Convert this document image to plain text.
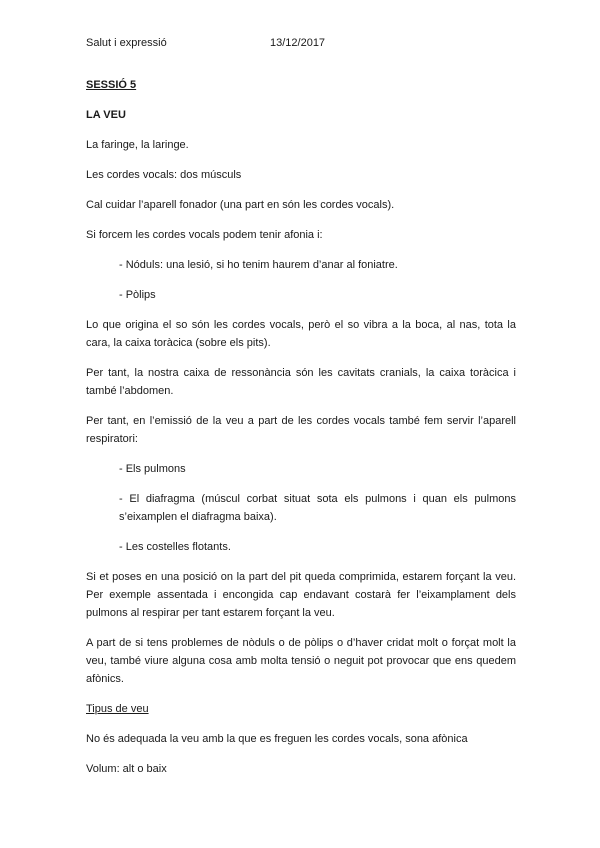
Salut i expressió	13/12/2017
SESSIÓ 5
LA VEU
La faringe, la laringe.
Les cordes vocals: dos músculs
Cal cuidar l’aparell fonador (una part en són les cordes vocals).
Si forcem les cordes vocals podem tenir afonia i:
- Nóduls: una lesió, si ho tenim haurem d’anar al foniatre.
- Pòlips
Lo que origina el so són les cordes vocals, però el so vibra a la boca, al nas, tota la cara, la caixa toràcica (sobre els pits).
Per tant, la nostra caixa de ressonància són les cavitats cranials, la caixa toràcica i també l’abdomen.
Per tant, en l’emissió de la veu a part de les cordes vocals també fem servir l’aparell respiratori:
- Els pulmons
- El diafragma (múscul corbat situat sota els pulmons i quan els pulmons s’eixamplen el diafragma baixa).
- Les costelles flotants.
Si et poses en una posició on la part del pit queda comprimida, estarem forçant la veu. Per exemple assentada i encongida cap endavant costarà fer l’eixamplament dels pulmons al respirar per tant estarem forçant la veu.
A part de si tens problemes de nòduls o de pòlips o d’haver cridat molt o forçat molt la veu, també viure alguna cosa amb molta tensió o neguit pot provocar que ens quedem afònics.
Tipus de veu
No és adequada la veu amb la que es freguen les cordes vocals, sona afònica
Volum: alt o baix
